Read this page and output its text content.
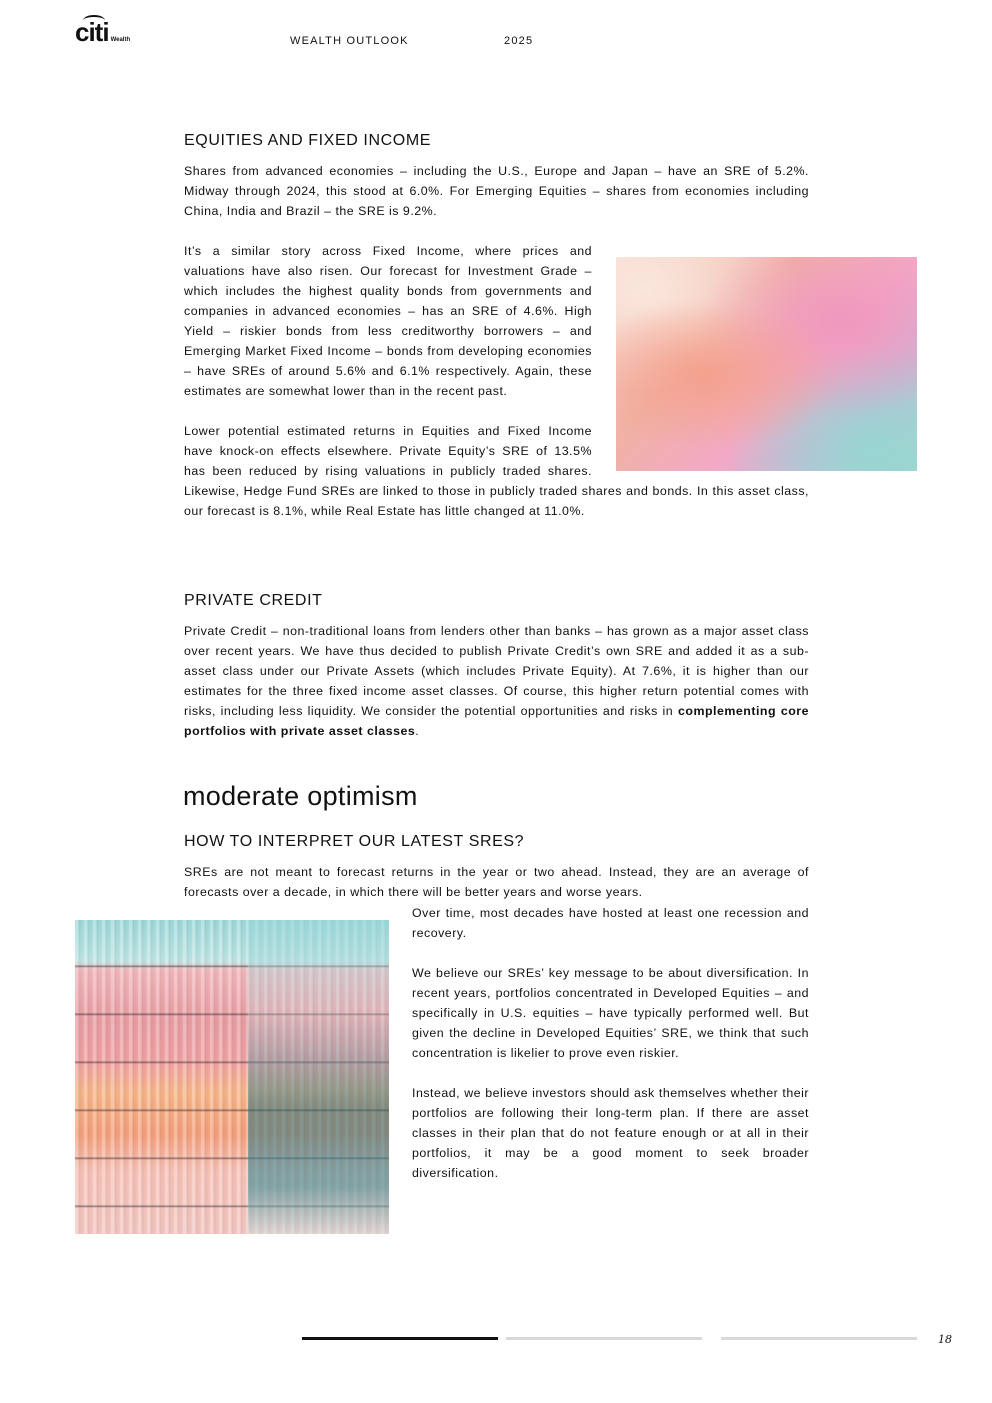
citi Wealth	WEALTH OUTLOOK	2025
EQUITIES AND FIXED INCOME

Shares from advanced economies – including the U.S., Europe and Japan – have an SRE of 5.2%. Midway through 2024, this stood at 6.0%. For Emerging Equities – shares from economies including China, India and Brazil – the SRE is 9.2%.

It’s a similar story across Fixed Income, where prices and valuations have also risen. Our forecast for Investment Grade – which includes the highest quality bonds from governments and companies in advanced economies – has an SRE of 4.6%. High Yield – riskier bonds from less creditworthy borrowers – and Emerging Market Fixed Income – bonds from developing economies – have SREs of around 5.6% and 6.1% respectively. Again, these estimates are somewhat lower than in the recent past.

Lower potential estimated returns in Equities and Fixed Income have knock-on effects elsewhere. Private Equity’s SRE of 13.5% has been reduced by rising valuations in publicly traded shares. Likewise, Hedge Fund SREs are linked to those in publicly traded shares and bonds. In this asset class, our forecast is 8.1%, while Real Estate has little changed at 11.0%.

PRIVATE CREDIT

Private Credit – non-traditional loans from lenders other than banks – has grown as a major asset class over recent years. We have thus decided to publish Private Credit’s own SRE and added it as a sub-asset class under our Private Assets (which includes Private Equity). At 7.6%, it is higher than our estimates for the three fixed income asset classes. Of course, this higher return potential comes with risks, including less liquidity. We consider the potential opportunities and risks in complementing core portfolios with private asset classes.

moderate optimism
HOW TO INTERPRET OUR LATEST SRES?

SREs are not meant to forecast returns in the year or two ahead. Instead, they are an average of forecasts over a decade, in which there will be better years and worse years.

Over time, most decades have hosted at least one recession and recovery.

We believe our SREs’ key message to be about diversification. In recent years, portfolios concentrated in Developed Equities – and specifically in U.S. equities – have typically performed well. But given the decline in Developed Equities’ SRE, we think that such concentration is likelier to prove even riskier.

Instead, we believe investors should ask themselves whether their portfolios are following their long-term plan. If there are asset classes in their plan that do not feature enough or at all in their portfolios, it may be a good moment to seek broader diversification.

18
